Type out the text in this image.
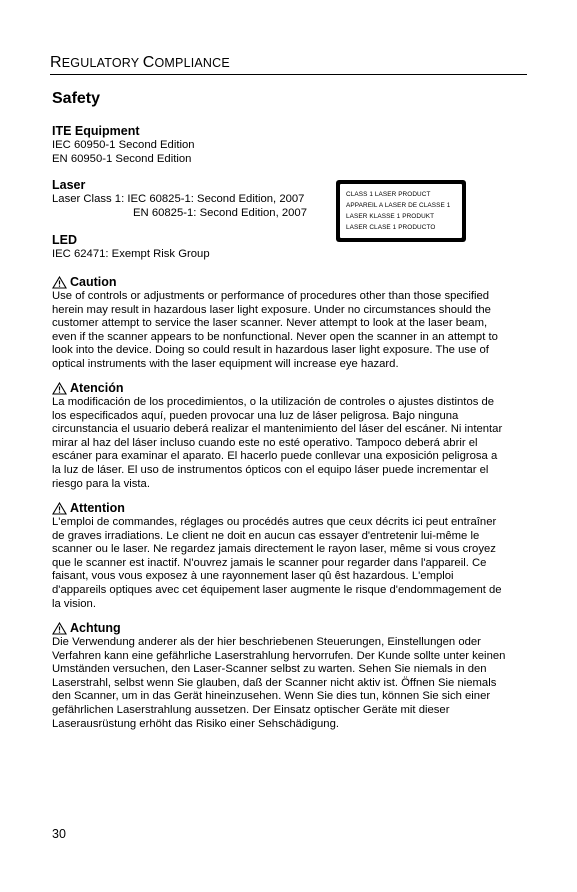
REGULATORY COMPLIANCE
Safety

ITE Equipment

IEC 60950-1 Second Edition
EN 60950-1 Second Edition

Laser

Laser Class 1: IEC 60825-1: Second Edition, 2007
EN 60825-1: Second Edition, 2007
CLASS 1 LASER PRODUCT
APPAREIL A LASER DE CLASSE 1
LASER KLASSE 1 PRODUKT
LASER CLASE 1 PRODUCTO

LED

IEC 62471: Exempt Risk Group
Caution
Use of controls or adjustments or performance of procedures other than those specified
herein may result in hazardous laser light exposure. Under no circumstances should the
customer attempt to service the laser scanner. Never attempt to look at the laser beam,
even if the scanner appears to be nonfunctional. Never open the scanner in an attempt to
look into the device. Doing so could result in hazardous laser light exposure. The use of
optical instruments with the laser equipment will increase eye hazard.
Atención
La modificación de los procedimientos, o la utilización de controles o ajustes distintos de
los especificados aquí, pueden provocar una luz de láser peligrosa. Bajo ninguna
circunstancia el usuario deberá realizar el mantenimiento del láser del escáner. Ni intentar
mirar al haz del láser incluso cuando este no esté operativo. Tampoco deberá abrir el
escáner para examinar el aparato. El hacerlo puede conllevar una exposición peligrosa a
la luz de láser. El uso de instrumentos ópticos con el equipo láser puede incrementar el
riesgo para la vista.
Attention
L'emploi de commandes, réglages ou procédés autres que ceux décrits ici peut entraîner
de graves irradiations. Le client ne doit en aucun cas essayer d'entretenir lui-même le
scanner ou le laser. Ne regardez jamais directement le rayon laser, même si vous croyez
que le scanner est inactif. N'ouvrez jamais le scanner pour regarder dans l'appareil. Ce
faisant, vous vous exposez à une rayonnement laser qû êst hazardous. L'emploi
d'appareils optiques avec cet équipement laser augmente le risque d'endommagement de
la vision.
Achtung
Die Verwendung anderer als der hier beschriebenen Steuerungen, Einstellungen oder
Verfahren kann eine gefährliche Laserstrahlung hervorrufen. Der Kunde sollte unter keinen
Umständen versuchen, den Laser-Scanner selbst zu warten. Sehen Sie niemals in den
Laserstrahl, selbst wenn Sie glauben, daß der Scanner nicht aktiv ist. Öffnen Sie niemals
den Scanner, um in das Gerät hineinzusehen. Wenn Sie dies tun, können Sie sich einer
gefährlichen Laserstrahlung aussetzen. Der Einsatz optischer Geräte mit dieser
Laserausrüstung erhöht das Risiko einer Sehschädigung.
30
